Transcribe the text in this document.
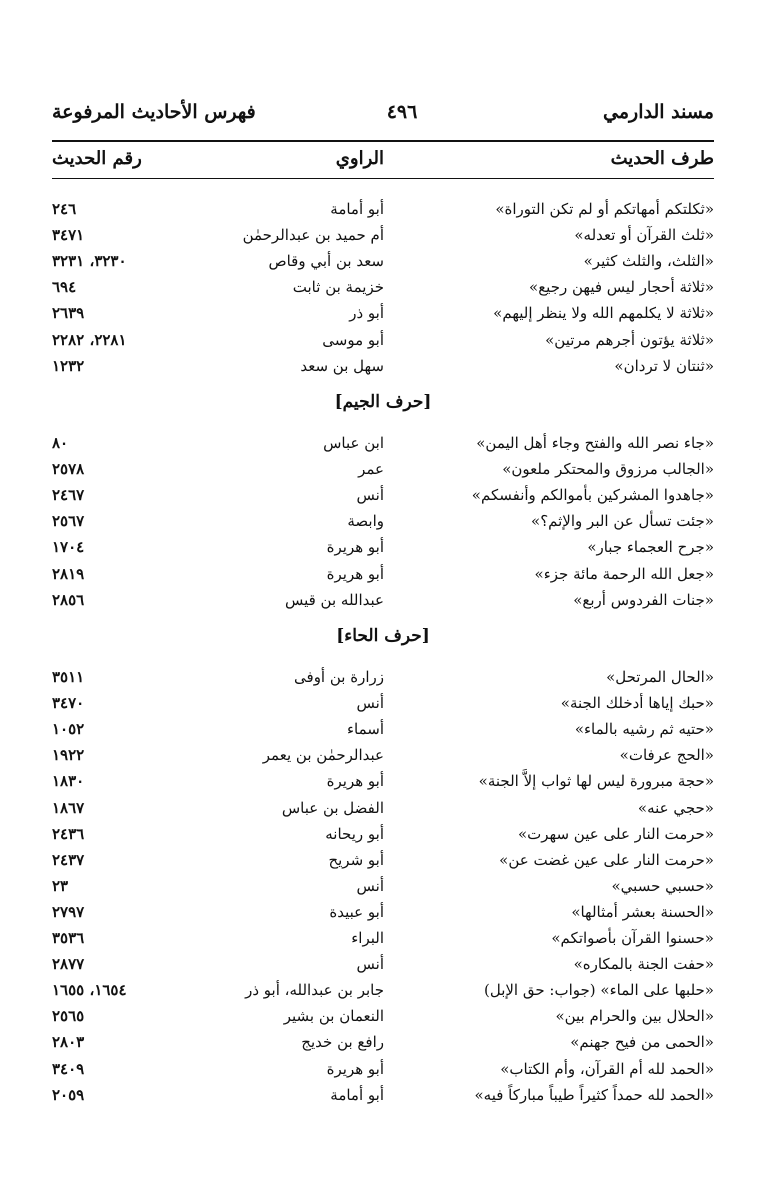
مسند الدارمي
٤٩٦
فهرس الأحاديث المرفوعة
طرف الحديث
الراوي
رقم الحديث
«ثكلتكم أمهاتكم أو لم تكن التوراة»
أبو أمامة
٢٤٦
«ثلث القرآن أو تعدله»
أم حميد بن عبدالرحمٰن
٣٤٧١
«الثلث، والثلث كثير»
سعد بن أبي وقاص
٣٢٣٠، ٣٢٣١
«ثلاثة أحجار ليس فيهن رجيع»
خزيمة بن ثابت
٦٩٤
«ثلاثة لا يكلمهم الله ولا ينظر إليهم»
أبو ذر
٢٦٣٩
«ثلاثة يؤتون أجرهم مرتين»
أبو موسى
٢٢٨١، ٢٢٨٢
«ثنتان لا تردان»
سهل بن سعد
١٢٣٢
[حرف الجيم]
«جاء نصر الله والفتح وجاء أهل اليمن»
ابن عباس
٨٠
«الجالب مرزوق والمحتكر ملعون»
عمر
٢٥٧٨
«جاهدوا المشركين بأموالكم وأنفسكم»
أنس
٢٤٦٧
«جئت تسأل عن البر والإثم؟»
وابصة
٢٥٦٧
«جرح العجماء جبار»
أبو هريرة
١٧٠٤
«جعل الله الرحمة مائة جزء»
أبو هريرة
٢٨١٩
«جنات الفردوس أربع»
عبدالله بن قيس
٢٨٥٦
[حرف الحاء]
«الحال المرتحل»
زرارة بن أوفى
٣٥١١
«حبك إياها أدخلك الجنة»
أنس
٣٤٧٠
«حتيه ثم رشيه بالماء»
أسماء
١٠٥٢
«الحج عرفات»
عبدالرحمٰن بن يعمر
١٩٢٢
«حجة مبرورة ليس لها ثواب إلاَّ الجنة»
أبو هريرة
١٨٣٠
«حجي عنه»
الفضل بن عباس
١٨٦٧
«حرمت النار على عين سهرت»
أبو ريحانه
٢٤٣٦
«حرمت النار على عين غضت عن»
أبو شريح
٢٤٣٧
«حسبي حسبي»
أنس
٢٣
«الحسنة بعشر أمثالها»
أبو عبيدة
٢٧٩٧
«حسنوا القرآن بأصواتكم»
البراء
٣٥٣٦
«حفت الجنة بالمكاره»
أنس
٢٨٧٧
«حلبها على الماء» (جواب: حق الإبل)
جابر بن عبدالله، أبو ذر
١٦٥٤، ١٦٥٥
«الحلال بين والحرام بين»
النعمان بن بشير
٢٥٦٥
«الحمى من فيح جهنم»
رافع بن خديج
٢٨٠٣
«الحمد لله أم القرآن، وأم الكتاب»
أبو هريرة
٣٤٠٩
«الحمد لله حمداً كثيراً طيباً مباركاً فيه»
أبو أمامة
٢٠٥٩
